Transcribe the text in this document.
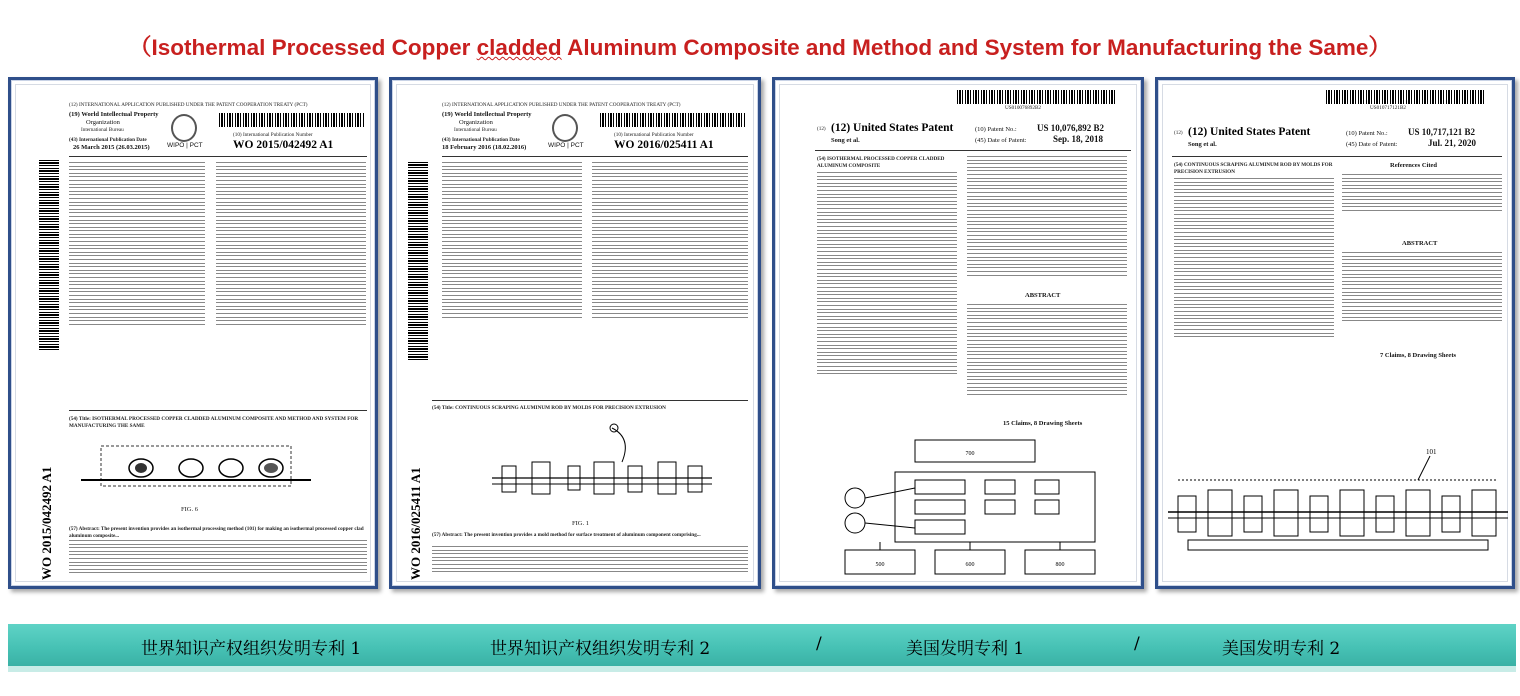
（Isothermal Processed Copper cladded Aluminum Composite and Method and System for Manufacturing the Same）
(12) INTERNATIONAL APPLICATION PUBLISHED UNDER THE PATENT COOPERATION TREATY (PCT)
(19) World Intellectual Property
Organization
International Bureau
(43) International Publication Date
26 March 2015 (26.03.2015)	WIPO | PCT
(10) International Publication Number
WO 2015/042492 A1
WO 2015/042492 A1
(54) Title: ISOTHERMAL PROCESSED COPPER CLADDED ALUMINUM COMPOSITE AND METHOD AND SYSTEM FOR MANUFACTURING THE SAME
FIG. 6
(57) Abstract: The present invention provides an isothermal processing method (101) for making an isothermal processed copper clad aluminum composite...
(12) INTERNATIONAL APPLICATION PUBLISHED UNDER THE PATENT COOPERATION TREATY (PCT)
(19) World Intellectual Property
Organization
International Bureau
(43) International Publication Date
18 February 2016 (18.02.2016)	WIPO | PCT
(10) International Publication Number
WO 2016/025411 A1
WO 2016/025411 A1
(54) Title: CONTINUOUS SCRAPING ALUMINUM ROD BY MOLDS FOR PRECISION EXTRUSION
FIG. 1
(57) Abstract: The present invention provides a mold method for surface treatment of aluminum component comprising...
US010076892B2
(12) (12) United States Patent
Song et al.
(10) Patent No.: US 10,076,892 B2
(45) Date of Patent:	Sep. 18, 2018
(54) ISOTHERMAL PROCESSED COPPER CLADDED ALUMINUM COMPOSITE
ABSTRACT
15 Claims, 8 Drawing Sheets
700
500	600	800
US010717121B2
(12) (12) United States Patent
Song et al.
(10) Patent No.: US 10,717,121 B2
(45) Date of Patent:	Jul. 21, 2020
(54) CONTINUOUS SCRAPING ALUMINUM ROD BY MOLDS FOR PRECISION EXTRUSION
References Cited
ABSTRACT
7 Claims, 8 Drawing Sheets
101
世界知识产权组织发明专利 1	世界知识产权组织发明专利 2	/	美国发明专利 1	/	美国发明专利 2
